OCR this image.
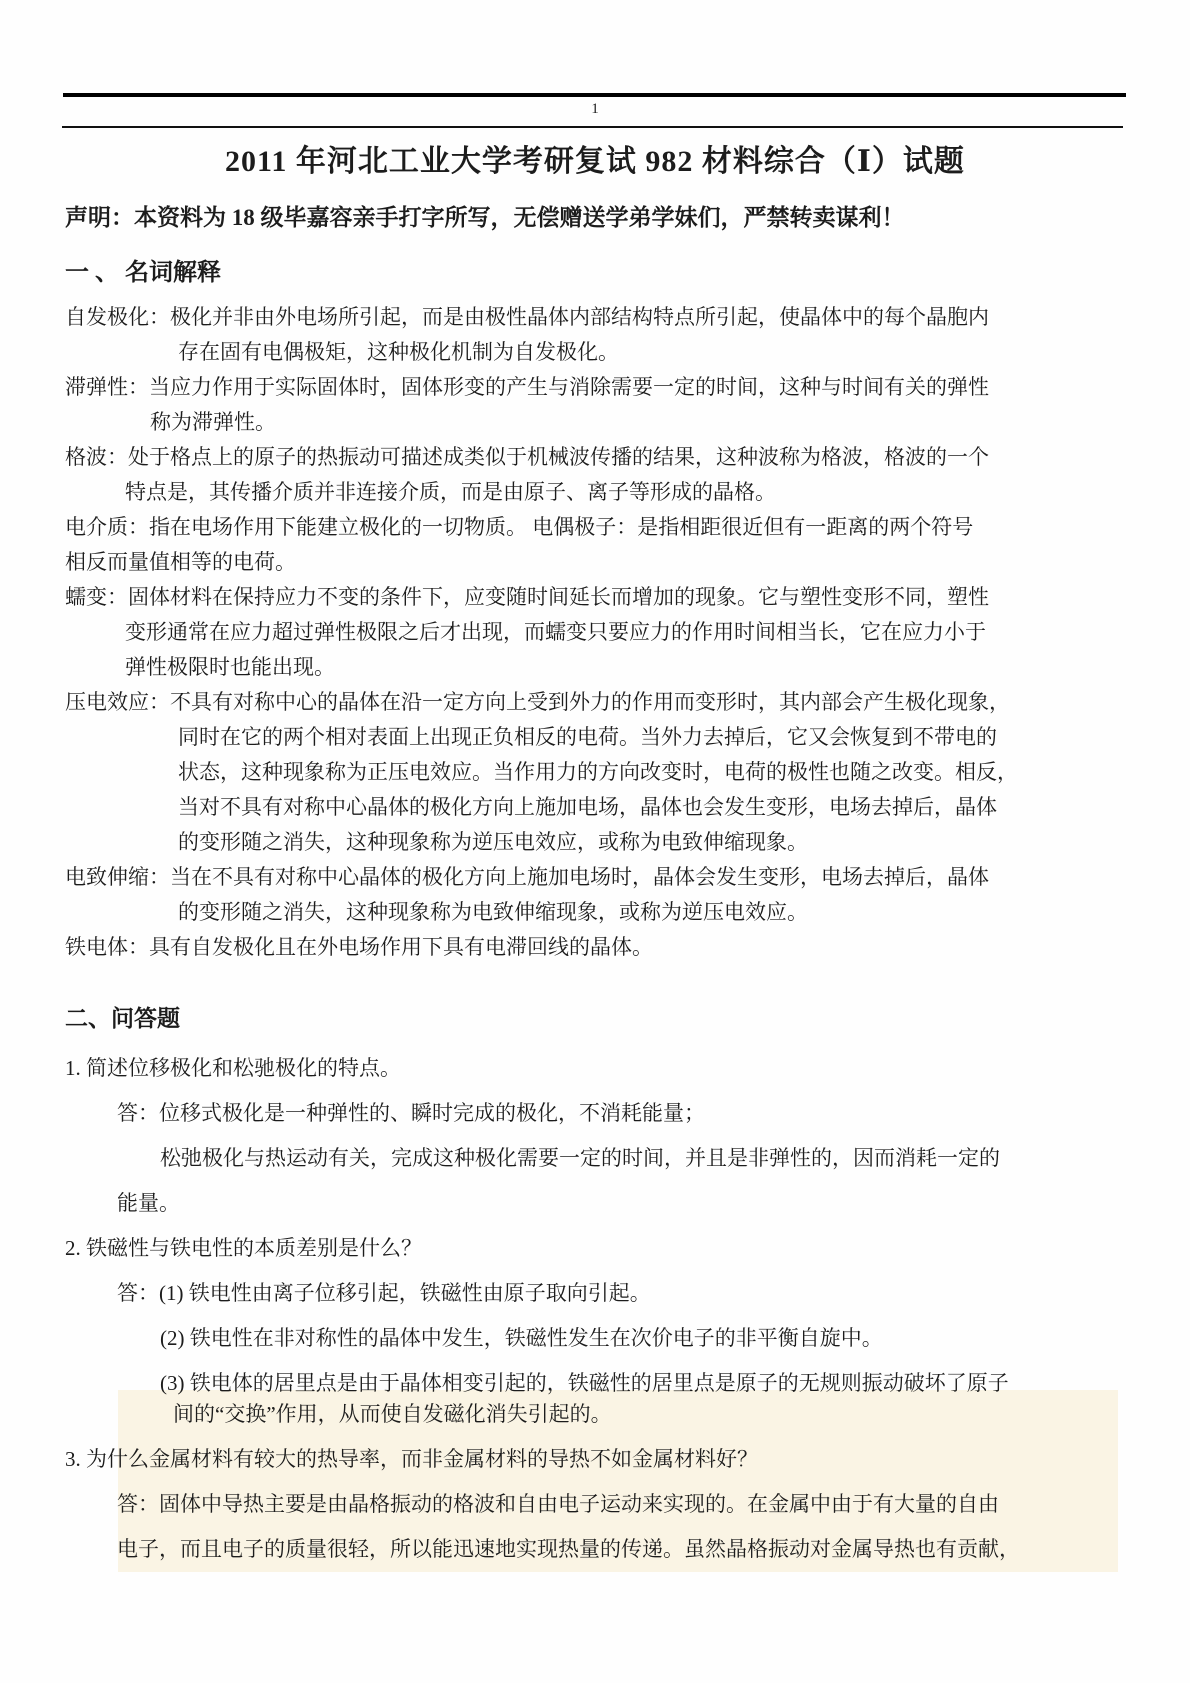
1
2011 年河北工业大学考研复试 982 材料综合（Ⅰ）试题
声明：本资料为 18 级毕嘉容亲手打字所写，无偿赠送学弟学妹们，严禁转卖谋利！
一 、 名词解释
自发极化：极化并非由外电场所引起，而是由极性晶体内部结构特点所引起，使晶体中的每个晶胞内
存在固有电偶极矩，这种极化机制为自发极化。
滞弹性：当应力作用于实际固体时，固体形变的产生与消除需要一定的时间，这种与时间有关的弹性
称为滞弹性。
格波：处于格点上的原子的热振动可描述成类似于机械波传播的结果，这种波称为格波，格波的一个
特点是，其传播介质并非连接介质，而是由原子、离子等形成的晶格。
电介质：指在电场作用下能建立极化的一切物质。 电偶极子：是指相距很近但有一距离的两个符号
相反而量值相等的电荷。
蠕变：固体材料在保持应力不变的条件下，应变随时间延长而增加的现象。它与塑性变形不同，塑性
变形通常在应力超过弹性极限之后才出现，而蠕变只要应力的作用时间相当长，它在应力小于
弹性极限时也能出现。
压电效应：不具有对称中心的晶体在沿一定方向上受到外力的作用而变形时，其内部会产生极化现象，
同时在它的两个相对表面上出现正负相反的电荷。当外力去掉后，它又会恢复到不带电的
状态，这种现象称为正压电效应。当作用力的方向改变时，电荷的极性也随之改变。相反，
当对不具有对称中心晶体的极化方向上施加电场，晶体也会发生变形，电场去掉后，晶体
的变形随之消失，这种现象称为逆压电效应，或称为电致伸缩现象。
电致伸缩：当在不具有对称中心晶体的极化方向上施加电场时，晶体会发生变形，电场去掉后，晶体
的变形随之消失，这种现象称为电致伸缩现象，或称为逆压电效应。
铁电体：具有自发极化且在外电场作用下具有电滞回线的晶体。
二、问答题
1. 简述位移极化和松驰极化的特点。
答：位移式极化是一种弹性的、瞬时完成的极化，不消耗能量；
松弛极化与热运动有关，完成这种极化需要一定的时间，并且是非弹性的，因而消耗一定的
能量。
2. 铁磁性与铁电性的本质差别是什么？
答：(1) 铁电性由离子位移引起，铁磁性由原子取向引起。
(2) 铁电性在非对称性的晶体中发生，铁磁性发生在次价电子的非平衡自旋中。
(3) 铁电体的居里点是由于晶体相变引起的，铁磁性的居里点是原子的无规则振动破坏了原子
间的“交换”作用，从而使自发磁化消失引起的。
3. 为什么金属材料有较大的热导率，而非金属材料的导热不如金属材料好？
答：固体中导热主要是由晶格振动的格波和自由电子运动来实现的。在金属中由于有大量的自由
电子，而且电子的质量很轻，所以能迅速地实现热量的传递。虽然晶格振动对金属导热也有贡献，
